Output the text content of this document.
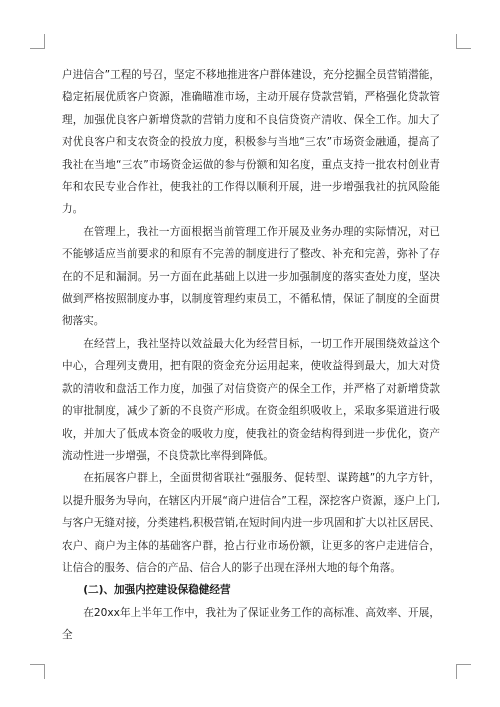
户进信合”工程的号召，坚定不移地推进客户群体建设，充分挖掘全员营销潜能，稳定拓展优质客户资源，准确瞄准市场，主动开展存贷款营销，严格强化贷款管理，加强优良客户新增贷款的营销力度和不良信贷资产清收、保全工作。加大了对优良客户和支农资金的投放力度，积极参与当地“三农”市场资金融通，提高了我社在当地“三农”市场资金运做的参与份额和知名度，重点支持一批农村创业青年和农民专业合作社，使我社的工作得以顺利开展，进一步增强我社的抗风险能力。

在管理上，我社一方面根据当前管理工作开展及业务办理的实际情况，对已不能够适应当前要求的和原有不完善的制度进行了整改、补充和完善，弥补了存在的不足和漏洞。另一方面在此基础上以进一步加强制度的落实查处力度，坚决做到严格按照制度办事，以制度管理约束员工，不循私情，保证了制度的全面贯彻落实。

在经营上，我社坚持以效益最大化为经营目标，一切工作开展围绕效益这个中心，合理列支费用，把有限的资金充分运用起来，使收益得到最大，加大对贷款的清收和盘活工作力度，加强了对信贷资产的保全工作，并严格了对新增贷款的审批制度，减少了新的不良资产形成。在资金组织吸收上，采取多渠道进行吸收，并加大了低成本资金的吸收力度，使我社的资金结构得到进一步优化，资产流动性进一步增强，不良贷款比率得到降低。

在拓展客户群上，全面贯彻省联社“强服务、促转型、谋跨越”的九字方针，以提升服务为导向，在辖区内开展“商户进信合”工程，深挖客户资源，逐户上门,与客户无缝对接，分类建档,积极营销,在短时间内进一步巩固和扩大以社区居民、农户、商户为主体的基础客户群，抢占行业市场份额，让更多的客户走进信合，让信合的服务、信合的产品、信合人的影子出现在泽州大地的每个角落。

(二)、加强内控建设保稳健经营

在20xx年上半年工作中，我社为了保证业务工作的高标准、高效率、开展，全
